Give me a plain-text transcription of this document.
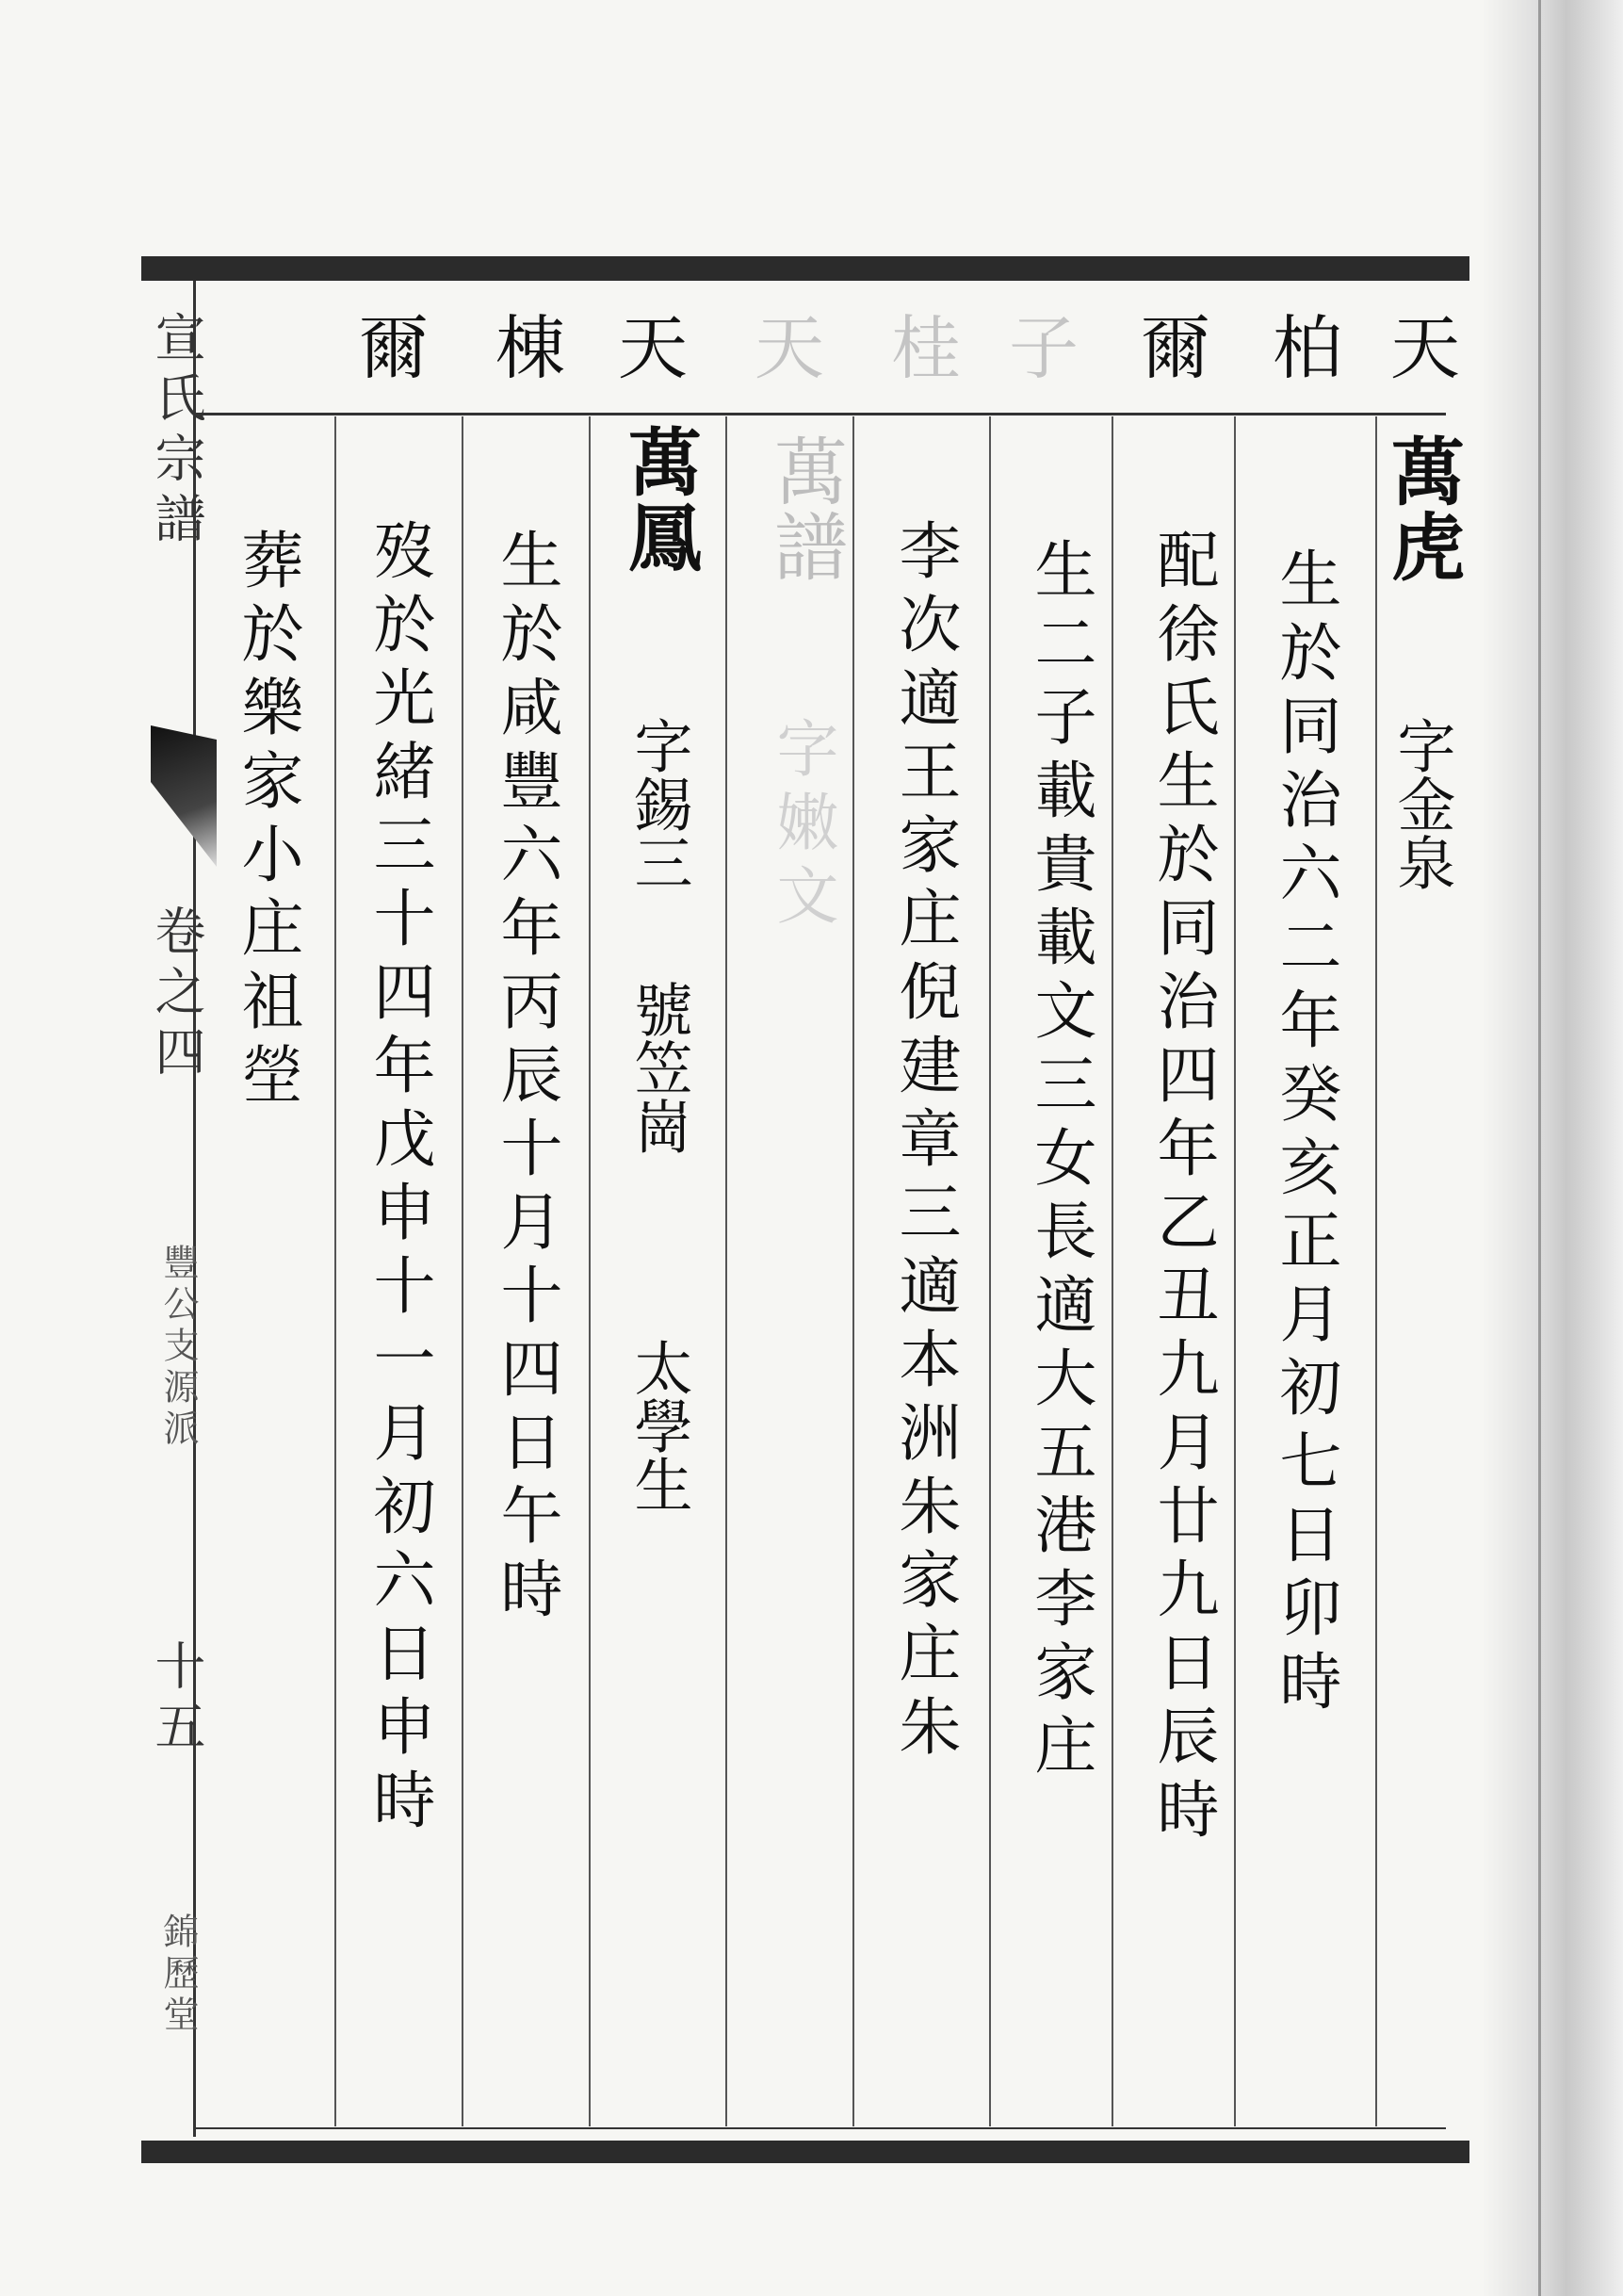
天
柏
爾
子
桂
天
天
棟
爾
萬虎
字金泉
生於同治六二年癸亥正月初七日卯時
配徐氏生於同治四年乙丑九月廿九日辰時
生二子載貴載文三女長適大五港李家庄
李次適王家庄倪建章三適本洲朱家庄朱
萬譜
字嫩文
萬鳳
字錫三
號笠崗
太學生
生於咸豐六年丙辰十月十四日午時
歿於光緒三十四年戊申十一月初六日申時
葬於樂家小庄祖塋
宣氏宗譜
卷之四
豐公支源派
十五
錦歷堂
